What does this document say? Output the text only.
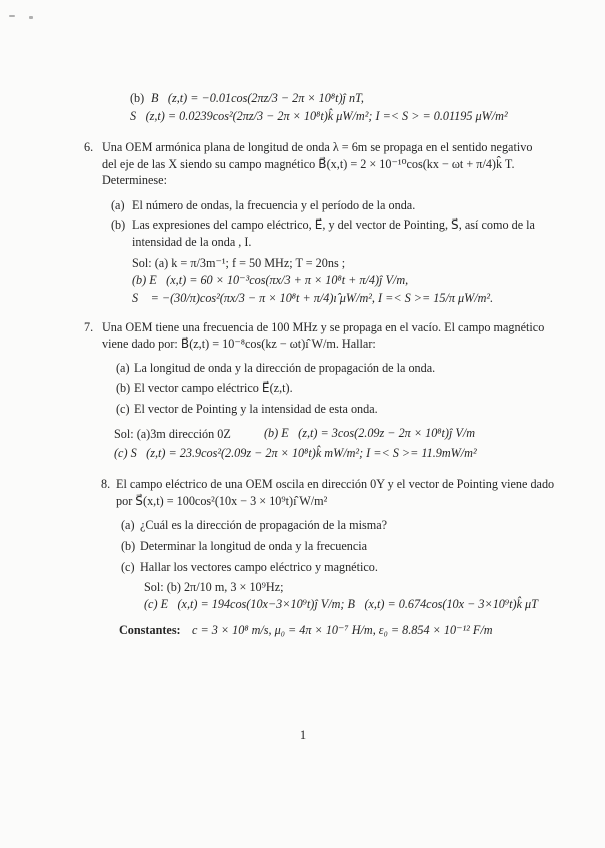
(b) B⃗(z,t) = −0.01cos(2πz/3 − 2π × 10⁸t)ĵ nT,
S⃗(z,t) = 0.0239cos²(2πz/3 − 2π × 10⁸t)k̂ μW/m²; I =< S > = 0.01195 μW/m²
6. Una OEM armónica plana de longitud de onda λ = 6m se propaga en el sentido negativo
del eje de las X siendo su campo magnético B⃗(x,t) = 2 × 10⁻¹⁰cos(kx − ωt + π/4)k̂ T.
Determinese:
(a) El número de ondas, la frecuencia y el período de la onda.
(b) Las expresiones del campo eléctrico, E⃗, y del vector de Pointing, S⃗, así como de la
intensidad de la onda , I.
Sol: (a) k = π/3m⁻¹; f = 50 MHz; T = 20ns ;
(b) E⃗(x,t) = 60 × 10⁻³cos(πx/3 + π × 10⁸t + π/4)ĵ V/m,
S⃗ = −(30/π)cos²(πx/3 − π × 10⁸t + π/4)ı̂ μW/m², I =< S >= 15/π μW/m².
7. Una OEM tiene una frecuencia de 100 MHz y se propaga en el vacío. El campo magnético
viene dado por: B⃗(z,t) = 10⁻⁸cos(kz − ωt)ı̂ W/m. Hallar:
(a) La longitud de onda y la dirección de propagación de la onda.
(b) El vector campo eléctrico E⃗(z,t).
(c) El vector de Pointing y la intensidad de esta onda.
Sol: (a)3m dirección 0Z	(b) E⃗(z,t) = 3cos(2.09z − 2π × 10⁸t)ĵ V/m
(c) S⃗(z,t) = 23.9cos²(2.09z − 2π × 10⁸t)k̂ mW/m²; I =< S >= 11.9mW/m²
8. El campo eléctrico de una OEM oscila en dirección 0Y y el vector de Pointing viene dado
por S⃗(x,t) = 100cos²(10x − 3 × 10⁹t)ı̂ W/m²
(a) ¿Cuál es la dirección de propagación de la misma?
(b) Determinar la longitud de onda y la frecuencia
(c) Hallar los vectores campo eléctrico y magnético.
Sol: (b) 2π/10 m, 3 × 10⁹Hz;
(c) E⃗(x,t) = 194cos(10x−3×10⁹t)ĵ V/m; B⃗(x,t) = 0.674cos(10x − 3×10⁹t)k̂ μT
Constantes: c = 3 × 10⁸ m/s, μ₀ = 4π × 10⁻⁷ H/m, ε₀ = 8.854 × 10⁻¹² F/m
1
